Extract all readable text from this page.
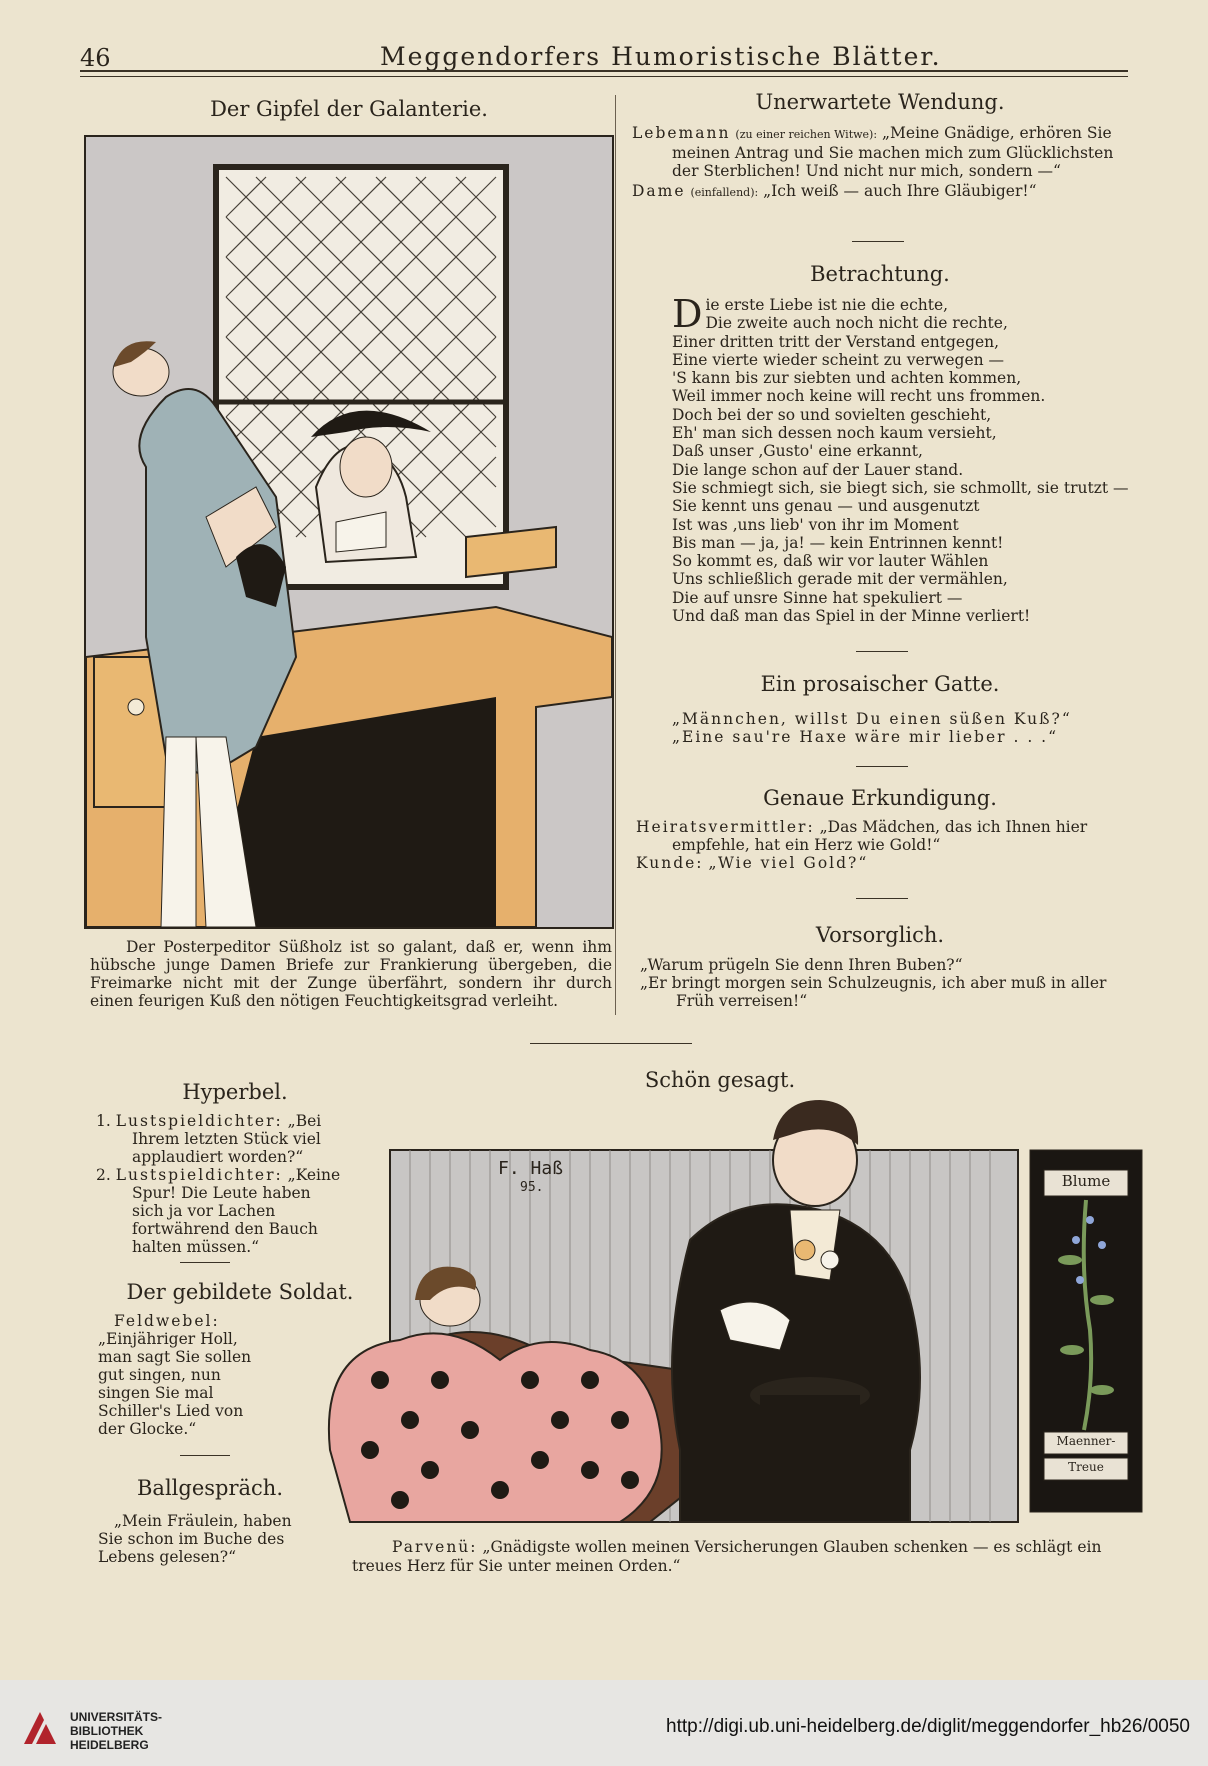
46	Meggendorfers Humoristische Blätter.
Der Gipfel der Galanterie.
Der Posterpeditor Süßholz ist so galant, daß er, wenn ihm hübsche junge Damen Briefe zur Frankierung übergeben, die Freimarke nicht mit der Zunge überfährt, sondern ihr durch einen feurigen Kuß den nötigen Feuchtigkeitsgrad verleiht.
Unerwartete Wendung.

Lebemann (zu einer reichen Witwe): „Meine Gnädige, erhören Sie meinen Antrag und Sie machen mich zum Glücklichsten der Sterblichen! Und nicht nur mich, sondern —“

Dame (einfallend): „Ich weiß — auch Ihre Gläubiger!“

Betrachtung.
D ie erste Liebe ist nie die echte,
Die zweite auch noch nicht die rechte,
Einer dritten tritt der Verstand entgegen,
Eine vierte wieder scheint zu verwegen —
'S kann bis zur siebten und achten kommen,
Weil immer noch keine will recht uns frommen.
Doch bei der so und sovielten geschieht,
Eh' man sich dessen noch kaum versieht,
Daß unser ‚Gusto' eine erkannt,
Die lange schon auf der Lauer stand.
Sie schmiegt sich, sie biegt sich, sie schmollt, sie trutzt —
Sie kennt uns genau — und ausgenutzt
Ist was ‚uns lieb' von ihr im Moment
Bis man — ja, ja! — kein Entrinnen kennt!
So kommt es, daß wir vor lauter Wählen
Uns schließlich gerade mit der vermählen,
Die auf unsre Sinne hat spekuliert —
Und daß man das Spiel in der Minne verliert!
Ein prosaischer Gatte.

„Männchen, willst Du einen süßen Kuß?“

„Eine sau're Haxe wäre mir lieber . . .“

Genaue Erkundigung.

Heiratsvermittler: „Das Mädchen, das ich Ihnen hier empfehle, hat ein Herz wie Gold!“

Kunde: „Wie viel Gold?“

Vorsorglich.

„Warum prügeln Sie denn Ihren Buben?“

„Er bringt morgen sein Schulzeugnis, ich aber muß in aller Früh verreisen!“

Hyperbel.

1. Lustspieldichter: „Bei Ihrem letzten Stück viel applaudiert worden?“

2. Lustspieldichter: „Keine Spur! Die Leute haben sich ja vor Lachen fortwährend den Bauch halten müssen.“

Der gebildete Soldat.

Feldwebel: „Einjähriger Holl, man sagt Sie sollen gut singen, nun singen Sie mal Schiller's Lied von der Glocke.“

Ballgespräch.
„Mein Fräulein, haben Sie schon im Buche des Lebens gelesen?“
Schön gesagt.
F. Haß
95.	Blume
Maenner-
Treue
Parvenü: „Gnädigste wollen meinen Versicherungen Glauben schenken — es schlägt ein treues Herz für Sie unter meinen Orden.“
UNIVERSITÄTS-
BIBLIOTHEK
HEIDELBERG
http://digi.ub.uni-heidelberg.de/diglit/meggendorfer_hb26/0050
